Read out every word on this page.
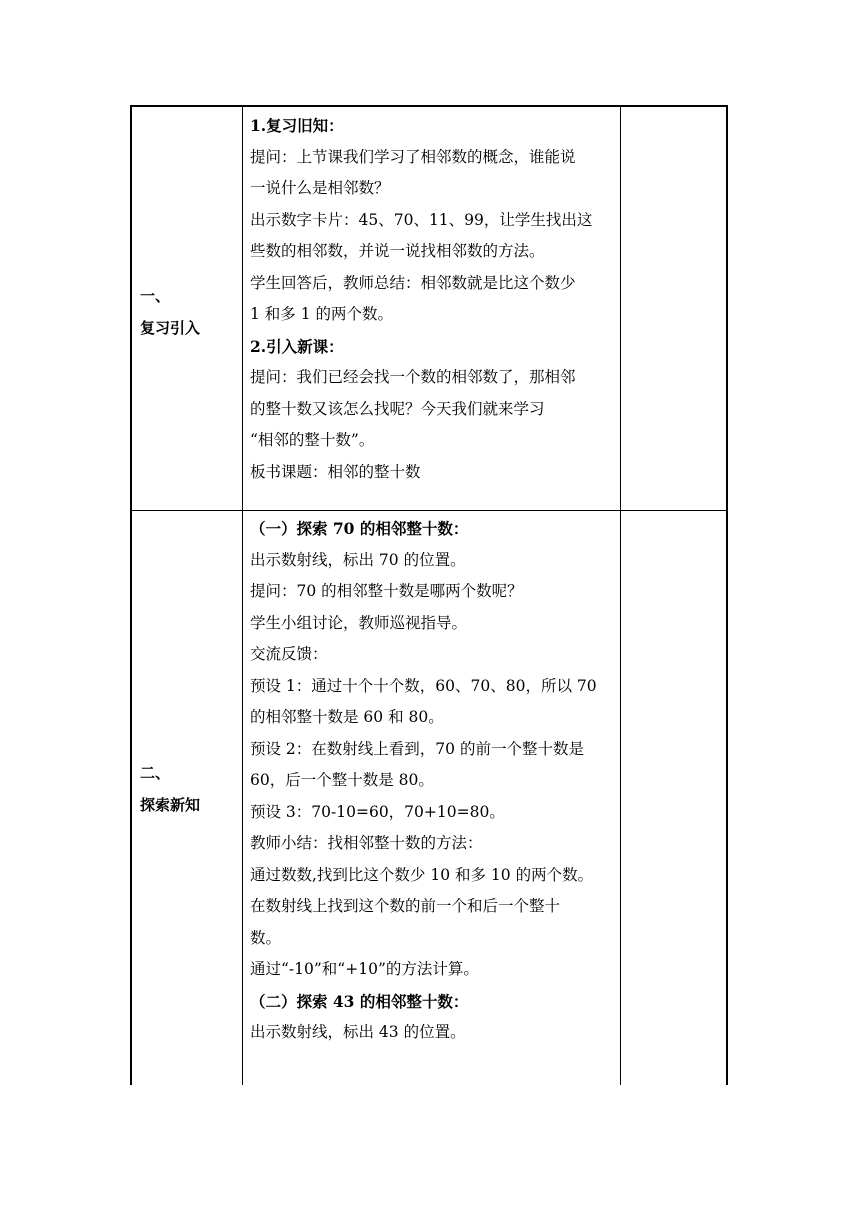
一、
复习引入
1.复习旧知：
提问：上节课我们学习了相邻数的概念，谁能说
一说什么是相邻数？
出示数字卡片：45、70、11、99，让学生找出这
些数的相邻数，并说一说找相邻数的方法。
学生回答后，教师总结：相邻数就是比这个数少
1 和多 1 的两个数。
2.引入新课：
提问：我们已经会找一个数的相邻数了，那相邻
的整十数又该怎么找呢？今天我们就来学习
“相邻的整十数”。
板书课题：相邻的整十数
二、
探索新知
（一）探索 70 的相邻整十数：
出示数射线，标出 70 的位置。
提问：70 的相邻整十数是哪两个数呢？
学生小组讨论，教师巡视指导。
交流反馈：
预设 1：通过十个十个数，60、70、80，所以 70
的相邻整十数是 60 和 80。
预设 2：在数射线上看到，70 的前一个整十数是
60，后一个整十数是 80。
预设 3：70-10=60，70+10=80。
教师小结：找相邻整十数的方法：
通过数数,找到比这个数少 10 和多 10 的两个数。
在数射线上找到这个数的前一个和后一个整十
数。
通过“-10”和“+10”的方法计算。
（二）探索 43 的相邻整十数：
出示数射线，标出 43 的位置。
